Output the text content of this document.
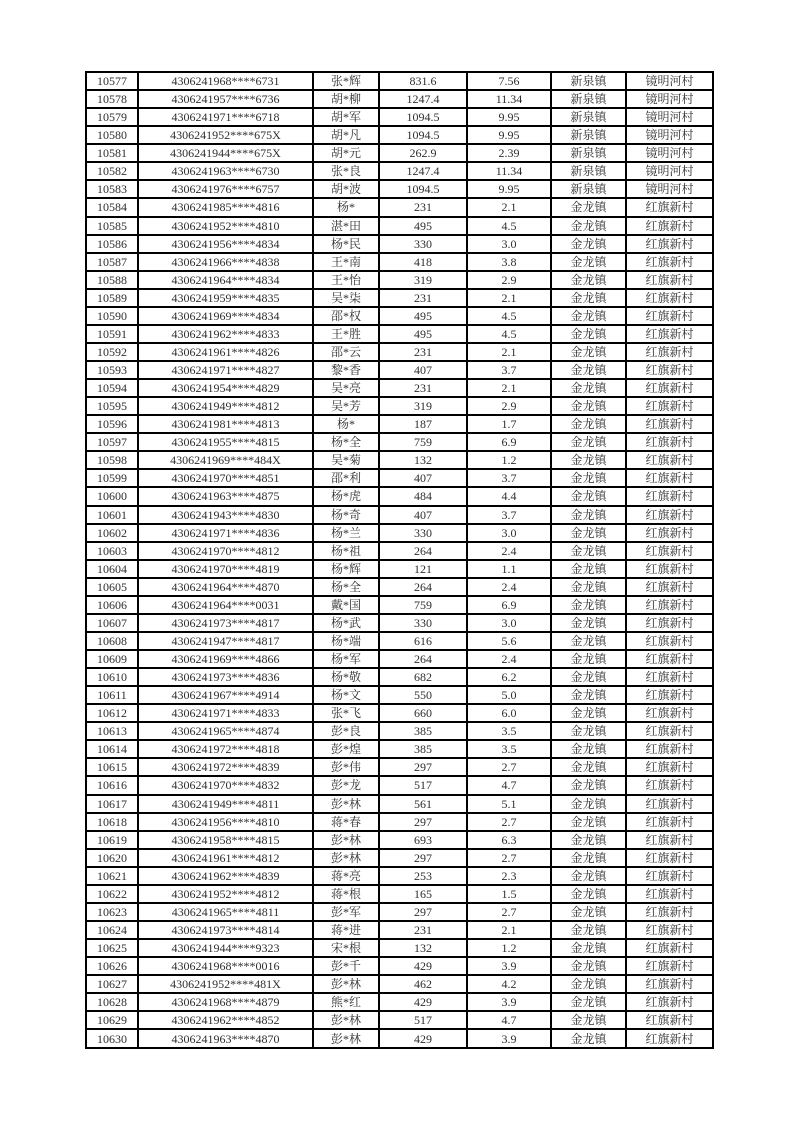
10577	4306241968****6731	张*辉	831.6	7.56	新泉镇	镜明河村
10578	4306241957****6736	胡*柳	1247.4	11.34	新泉镇	镜明河村
10579	4306241971****6718	胡*军	1094.5	9.95	新泉镇	镜明河村
10580	4306241952****675X	胡*凡	1094.5	9.95	新泉镇	镜明河村
10581	4306241944****675X	胡*元	262.9	2.39	新泉镇	镜明河村
10582	4306241963****6730	张*良	1247.4	11.34	新泉镇	镜明河村
10583	4306241976****6757	胡*波	1094.5	9.95	新泉镇	镜明河村
10584	4306241985****4816	杨*	231	2.1	金龙镇	红旗新村
10585	4306241952****4810	湛*田	495	4.5	金龙镇	红旗新村
10586	4306241956****4834	杨*民	330	3.0	金龙镇	红旗新村
10587	4306241966****4838	王*南	418	3.8	金龙镇	红旗新村
10588	4306241964****4834	王*怡	319	2.9	金龙镇	红旗新村
10589	4306241959****4835	吴*柒	231	2.1	金龙镇	红旗新村
10590	4306241969****4834	邵*权	495	4.5	金龙镇	红旗新村
10591	4306241962****4833	王*胜	495	4.5	金龙镇	红旗新村
10592	4306241961****4826	邵*云	231	2.1	金龙镇	红旗新村
10593	4306241971****4827	黎*香	407	3.7	金龙镇	红旗新村
10594	4306241954****4829	吴*亮	231	2.1	金龙镇	红旗新村
10595	4306241949****4812	吴*芳	319	2.9	金龙镇	红旗新村
10596	4306241981****4813	杨*	187	1.7	金龙镇	红旗新村
10597	4306241955****4815	杨*全	759	6.9	金龙镇	红旗新村
10598	4306241969****484X	吴*菊	132	1.2	金龙镇	红旗新村
10599	4306241970****4851	邵*利	407	3.7	金龙镇	红旗新村
10600	4306241963****4875	杨*虎	484	4.4	金龙镇	红旗新村
10601	4306241943****4830	杨*奇	407	3.7	金龙镇	红旗新村
10602	4306241971****4836	杨*兰	330	3.0	金龙镇	红旗新村
10603	4306241970****4812	杨*祖	264	2.4	金龙镇	红旗新村
10604	4306241970****4819	杨*辉	121	1.1	金龙镇	红旗新村
10605	4306241964****4870	杨*全	264	2.4	金龙镇	红旗新村
10606	4306241964****0031	戴*国	759	6.9	金龙镇	红旗新村
10607	4306241973****4817	杨*武	330	3.0	金龙镇	红旗新村
10608	4306241947****4817	杨*端	616	5.6	金龙镇	红旗新村
10609	4306241969****4866	杨*军	264	2.4	金龙镇	红旗新村
10610	4306241973****4836	杨*敬	682	6.2	金龙镇	红旗新村
10611	4306241967****4914	杨*文	550	5.0	金龙镇	红旗新村
10612	4306241971****4833	张*飞	660	6.0	金龙镇	红旗新村
10613	4306241965****4874	彭*良	385	3.5	金龙镇	红旗新村
10614	4306241972****4818	彭*煌	385	3.5	金龙镇	红旗新村
10615	4306241972****4839	彭*伟	297	2.7	金龙镇	红旗新村
10616	4306241970****4832	彭*龙	517	4.7	金龙镇	红旗新村
10617	4306241949****4811	彭*林	561	5.1	金龙镇	红旗新村
10618	4306241956****4810	蒋*春	297	2.7	金龙镇	红旗新村
10619	4306241958****4815	彭*林	693	6.3	金龙镇	红旗新村
10620	4306241961****4812	彭*林	297	2.7	金龙镇	红旗新村
10621	4306241962****4839	蒋*亮	253	2.3	金龙镇	红旗新村
10622	4306241952****4812	蒋*根	165	1.5	金龙镇	红旗新村
10623	4306241965****4811	彭*军	297	2.7	金龙镇	红旗新村
10624	4306241973****4814	蒋*进	231	2.1	金龙镇	红旗新村
10625	4306241944****9323	宋*根	132	1.2	金龙镇	红旗新村
10626	4306241968****0016	彭*千	429	3.9	金龙镇	红旗新村
10627	4306241952****481X	彭*林	462	4.2	金龙镇	红旗新村
10628	4306241968****4879	熊*红	429	3.9	金龙镇	红旗新村
10629	4306241962****4852	彭*林	517	4.7	金龙镇	红旗新村
10630	4306241963****4870	彭*林	429	3.9	金龙镇	红旗新村
